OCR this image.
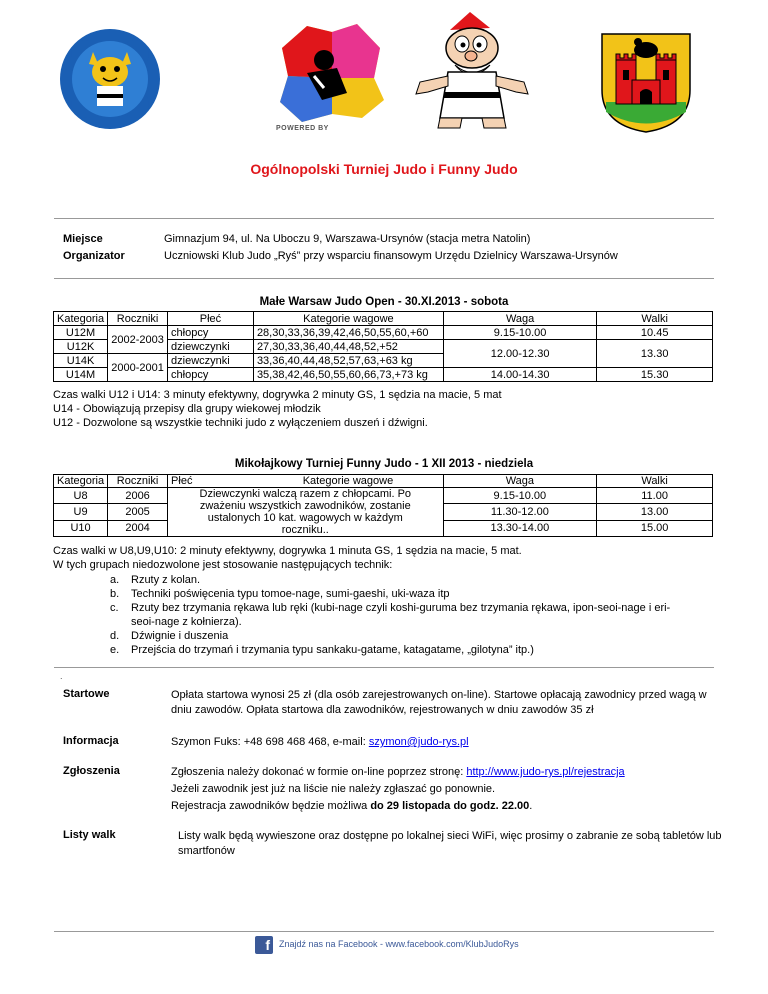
POWERED BY
Ogólnopolski Turniej Judo i Funny Judo
Miejsce	Gimnazjum 94, ul. Na Uboczu 9, Warszawa-Ursynów (stacja metra Natolin)
Organizator	Uczniowski Klub Judo „Ryś” przy wsparciu finansowym Urzędu Dzielnicy Warszawa-Ursynów
Małe Warsaw Judo Open - 30.XI.2013 - sobota
Kategoria	Roczniki	Płeć	Kategorie wagowe	Waga	Walki
U12M	2002-2003	chłopcy	28,30,33,36,39,42,46,50,55,60,+60	9.15-10.00	10.45
U12K		dziewczynki	27,30,33,36,40,44,48,52,+52	12.00-12.30	13.30
U14K	2000-2001	dziewczynki	33,36,40,44,48,52,57,63,+63 kg		
U14M		chłopcy	35,38,42,46,50,55,60,66,73,+73 kg	14.00-14.30	15.30
Czas walki U12 i U14: 3 minuty efektywny, dogrywka 2 minuty GS, 1 sędzia na macie, 5 mat
U14 - Obowiązują przepisy dla grupy wiekowej młodzik
U12 - Dozwolone są wszystkie techniki judo z wyłączeniem duszeń i dźwigni.
Mikołajkowy Turniej Funny Judo - 1 XII 2013 - niedziela
Kategoria	Roczniki	Płeć	Kategorie wagowe	Waga	Walki
U8	2006	Dziewczynki walczą razem z chłopcami. Po zważeniu wszystkich zawodników, zostanie ustalonych 10 kat. wagowych w każdym roczniku..		9.15-10.00	11.00
U9	2005			11.30-12.00	13.00
U10	2004			13.30-14.00	15.00
Czas walki w U8,U9,U10: 2 minuty efektywny, dogrywka 1 minuta GS, 1 sędzia na macie, 5 mat.
W tych grupach niedozwolone jest stosowanie następujących technik:
a. Rzuty z kolan.
b. Techniki poświęcenia typu tomoe-nage, sumi-gaeshi, uki-waza itp
c. Rzuty bez trzymania rękawa lub ręki (kubi-nage czyli koshi-guruma bez trzymania rękawa, ipon-seoi-nage i eri-seoi-nage z kołnierza).
d. Dźwignie i duszenia
e. Przejścia do trzymań i trzymania typu sankaku-gatame, katagatame, „gilotyna” itp.)
.
Startowe	Opłata startowa wynosi 25 zł (dla osób zarejestrowanych on-line). Startowe opłacają zawodnicy przed wagą w dniu zawodów. Opłata startowa dla zawodników, rejestrowanych w dniu zawodów 35 zł
Informacja	Szymon Fuks: +48 698 468 468, e-mail: szymon@judo-rys.pl
Zgłoszenia	Zgłoszenia należy dokonać w formie on-line poprzez stronę: http://www.judo-rys.pl/rejestracja
Jeżeli zawodnik jest już na liście nie należy zgłaszać go ponownie.
Rejestracja zawodników będzie możliwa do 29 listopada do godz. 22.00.
Listy walk	Listy walk będą wywieszone oraz dostępne po lokalnej sieci WiFi, więc prosimy o zabranie ze sobą tabletów lub smartfonów
f	Znajdź nas na Facebook - www.facebook.com/KlubJudoRys
